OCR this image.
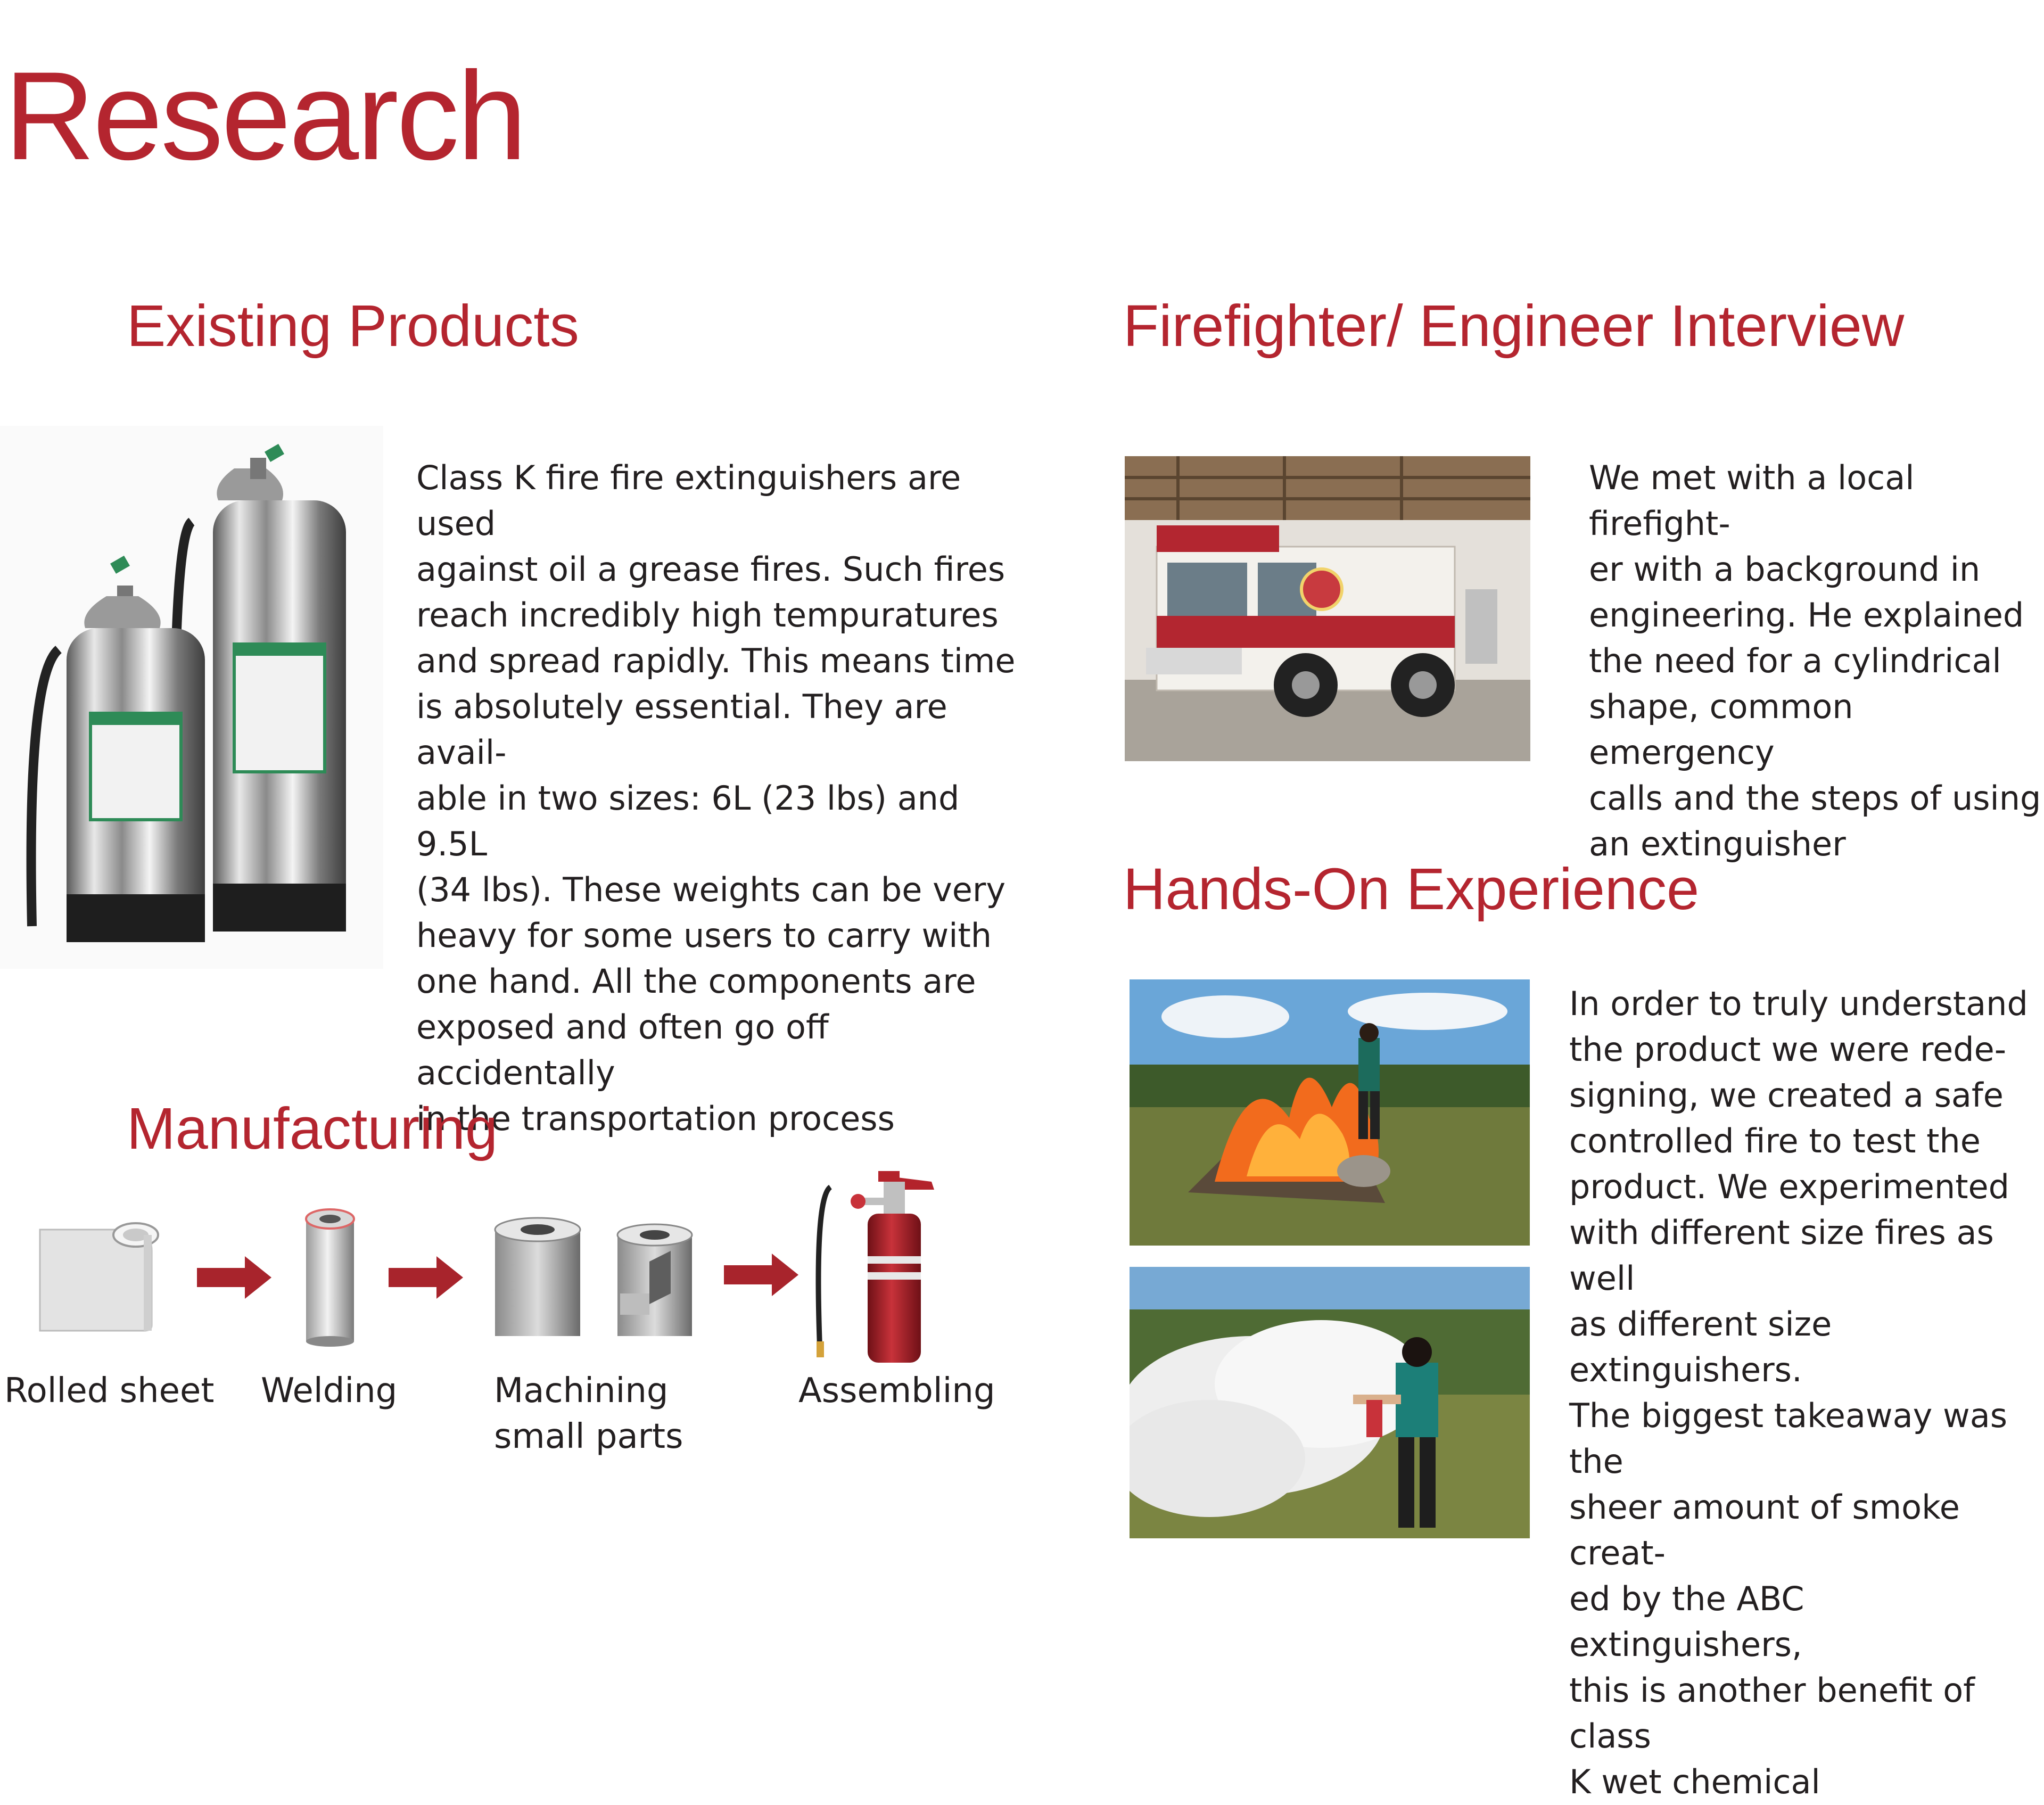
Research
Existing Products
Class K fire fire extinguishers are used
against oil a grease fires. Such fires
reach incredibly high tempuratures
and spread rapidly. This means time
is absolutely essential. They are avail-
able in two sizes: 6L (23 lbs) and 9.5L
(34 lbs). These weights can be very
heavy for some users to carry with
one hand. All the components are
exposed and often go off accidentally
in the transportation process
Manufacturing
Rolled sheet Welding	Machining
small parts
Assembling
Firefighter/ Engineer Interview
We met with a local firefight-
er with a background in
engineering. He explained
the need for a cylindrical
shape, common emergency
calls and the steps of using
an extinguisher
Hands-On Experience
In order to truly understand
the product we were rede-
signing, we created a safe
controlled fire to test the
product. We experimented
with different size fires as well
as different size extinguishers.
The biggest takeaway was the
sheer amount of smoke creat-
ed by the ABC extinguishers,
this is another benefit of class
K wet chemical
